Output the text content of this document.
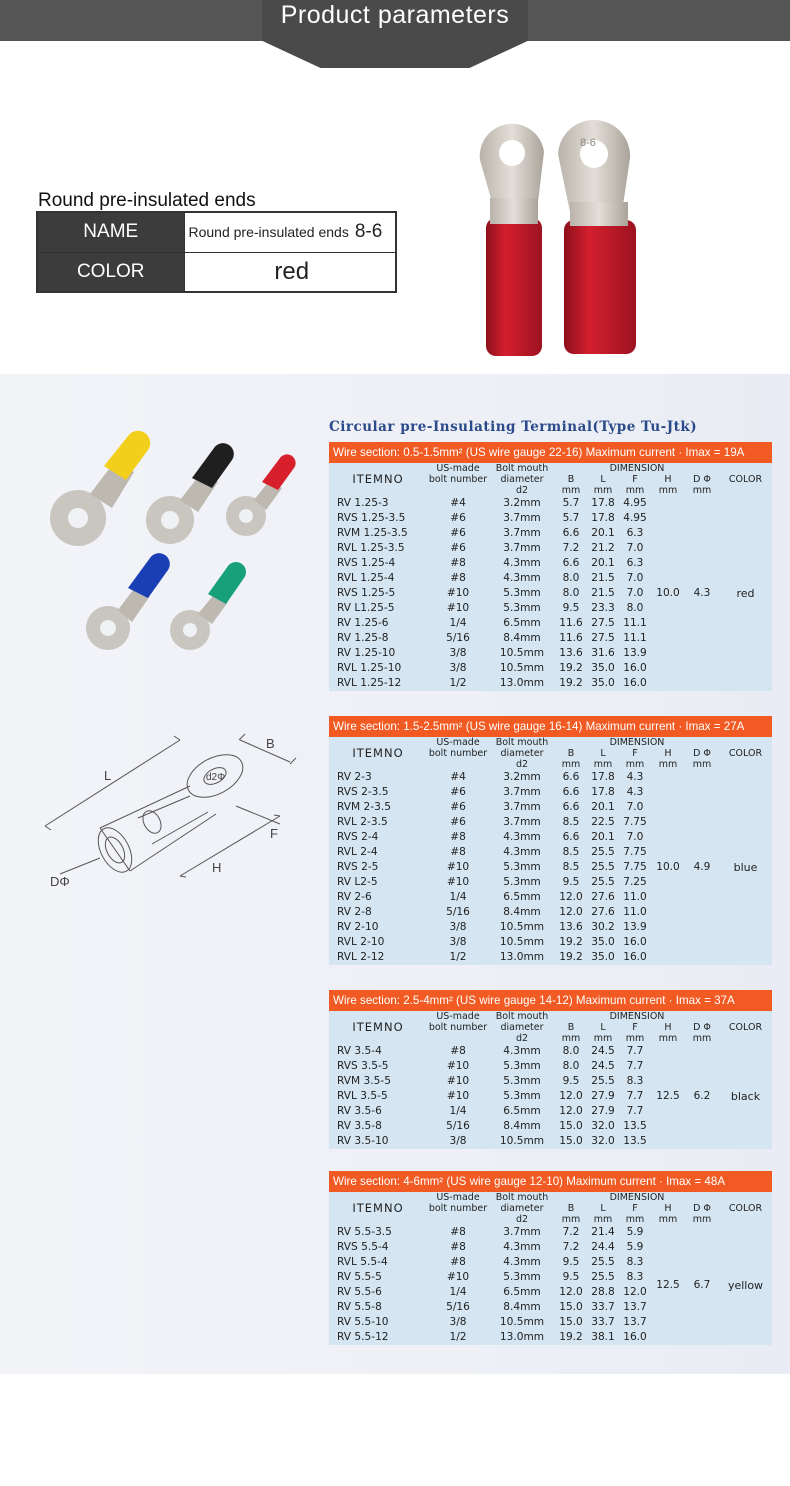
Product parameters
Round pre-insulated ends
NAME	Round pre-insulated ends 8-6
COLOR	red
8-6
L
B
F
H
DΦ
d2Φ
Circular pre-Insulating Terminal(Type Tu-Jtk)
Wire section: 0.5-1.5mm² (US wire gauge 22-16) Maximum current · Imax = 19A
ITEMNO	US-made bolt number	Bolt mouth diameter	DIMENSION					COLOR
			B	L	F	H	D Φ	
		d2	mm	mm	mm	mm	mm	
RV 1.25-3	#4	3.2mm	5.7	17.8	4.95	10.0	4.3	red
RVS 1.25-3.5	#6	3.7mm	5.7	17.8	4.95			
RVM 1.25-3.5	#6	3.7mm	6.6	20.1	6.3			
RVL 1.25-3.5	#6	3.7mm	7.2	21.2	7.0			
RVS 1.25-4	#8	4.3mm	6.6	20.1	6.3			
RVL 1.25-4	#8	4.3mm	8.0	21.5	7.0			
RVS 1.25-5	#10	5.3mm	8.0	21.5	7.0			
RV L1.25-5	#10	5.3mm	9.5	23.3	8.0			
RV 1.25-6	1/4	6.5mm	11.6	27.5	11.1			
RV 1.25-8	5/16	8.4mm	11.6	27.5	11.1			
RV 1.25-10	3/8	10.5mm	13.6	31.6	13.9			
RVL 1.25-10	3/8	10.5mm	19.2	35.0	16.0			
RVL 1.25-12	1/2	13.0mm	19.2	35.0	16.0			
Wire section: 1.5-2.5mm² (US wire gauge 16-14) Maximum current · Imax = 27A
ITEMNO	US-made bolt number	Bolt mouth diameter	DIMENSION					COLOR
			B	L	F	H	D Φ	
		d2	mm	mm	mm	mm	mm	
RV 2-3	#4	3.2mm	6.6	17.8	4.3	10.0	4.9	blue
RVS 2-3.5	#6	3.7mm	6.6	17.8	4.3			
RVM 2-3.5	#6	3.7mm	6.6	20.1	7.0			
RVL 2-3.5	#6	3.7mm	8.5	22.5	7.75			
RVS 2-4	#8	4.3mm	6.6	20.1	7.0			
RVL 2-4	#8	4.3mm	8.5	25.5	7.75			
RVS 2-5	#10	5.3mm	8.5	25.5	7.75			
RV L2-5	#10	5.3mm	9.5	25.5	7.25			
RV 2-6	1/4	6.5mm	12.0	27.6	11.0			
RV 2-8	5/16	8.4mm	12.0	27.6	11.0			
RV 2-10	3/8	10.5mm	13.6	30.2	13.9			
RVL 2-10	3/8	10.5mm	19.2	35.0	16.0			
RVL 2-12	1/2	13.0mm	19.2	35.0	16.0			
Wire section: 2.5-4mm² (US wire gauge 14-12) Maximum current · Imax = 37A
ITEMNO	US-made bolt number	Bolt mouth diameter	DIMENSION					COLOR
			B	L	F	H	D Φ	
		d2	mm	mm	mm	mm	mm	
RV 3.5-4	#8	4.3mm	8.0	24.5	7.7	12.5	6.2	black
RVS 3.5-5	#10	5.3mm	8.0	24.5	7.7			
RVM 3.5-5	#10	5.3mm	9.5	25.5	8.3			
RVL 3.5-5	#10	5.3mm	12.0	27.9	7.7			
RV 3.5-6	1/4	6.5mm	12.0	27.9	7.7			
RV 3.5-8	5/16	8.4mm	15.0	32.0	13.5			
RV 3.5-10	3/8	10.5mm	15.0	32.0	13.5			
Wire section: 4-6mm² (US wire gauge 12-10) Maximum current · Imax = 48A
ITEMNO	US-made bolt number	Bolt mouth diameter	DIMENSION					COLOR
			B	L	F	H	D Φ	
		d2	mm	mm	mm	mm	mm	
RV 5.5-3.5	#8	3.7mm	7.2	21.4	5.9	12.5	6.7	yellow
RVS 5.5-4	#8	4.3mm	7.2	24.4	5.9			
RVL 5.5-4	#8	4.3mm	9.5	25.5	8.3			
RV 5.5-5	#10	5.3mm	9.5	25.5	8.3			
RV 5.5-6	1/4	6.5mm	12.0	28.8	12.0			
RV 5.5-8	5/16	8.4mm	15.0	33.7	13.7			
RV 5.5-10	3/8	10.5mm	15.0	33.7	13.7			
RV 5.5-12	1/2	13.0mm	19.2	38.1	16.0			
